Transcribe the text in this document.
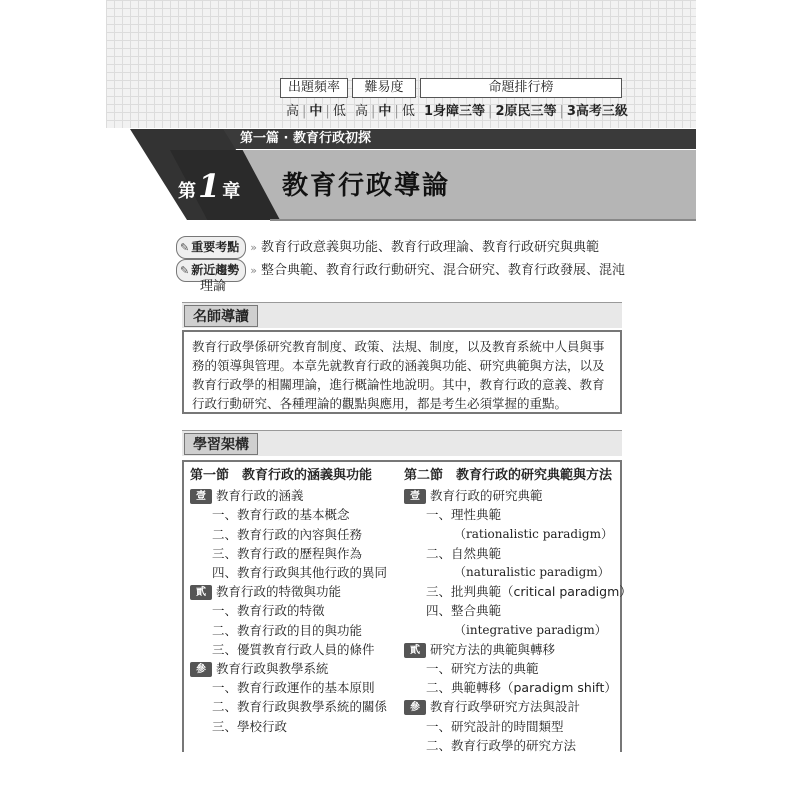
出題頻率	難易度	命題排行榜
高 | 中 | 低 高 | 中 | 低 1身障三等 | 2原民三等 | 3高考三級
第一篇 · 教育行政初探
第1 章 教育行政導論
✎ 重要考點 » 教育行政意義與功能、教育行政理論、教育行政研究與典範
✎ 新近趨勢 » 整合典範、教育行政行動研究、混合研究、教育行政發展、混沌
理論
名師導讀
教育行政學係研究教育制度、政策、法規、制度，以及教育系統中人員與事
務的領導與管理。本章先就教育行政的涵義與功能、研究典範與方法，以及
教育行政學的相關理論，進行概論性地說明。其中，教育行政的意義、教育
行政行動研究、各種理論的觀點與應用，都是考生必須掌握的重點。
學習架構
第一節　教育行政的涵義與功能
壹 教育行政的涵義
一、教育行政的基本概念
二、教育行政的內容與任務
三、教育行政的歷程與作為
四、教育行政與其他行政的異同
貳 教育行政的特徵與功能
一、教育行政的特徵
二、教育行政的目的與功能
三、優質教育行政人員的條件
參 教育行政與教學系統
一、教育行政運作的基本原則
二、教育行政與教學系統的關係
三、學校行政
第二節　教育行政的研究典範與方法
壹 教育行政的研究典範
一、理性典範
（rationalistic paradigm）
二、自然典範
（naturalistic paradigm）
三、批判典範（critical paradigm）
四、整合典範
（integrative paradigm）
貳 研究方法的典範與轉移
一、研究方法的典範
二、典範轉移（paradigm shift）
參 教育行政學研究方法與設計
一、研究設計的時間類型
二、教育行政學的研究方法
